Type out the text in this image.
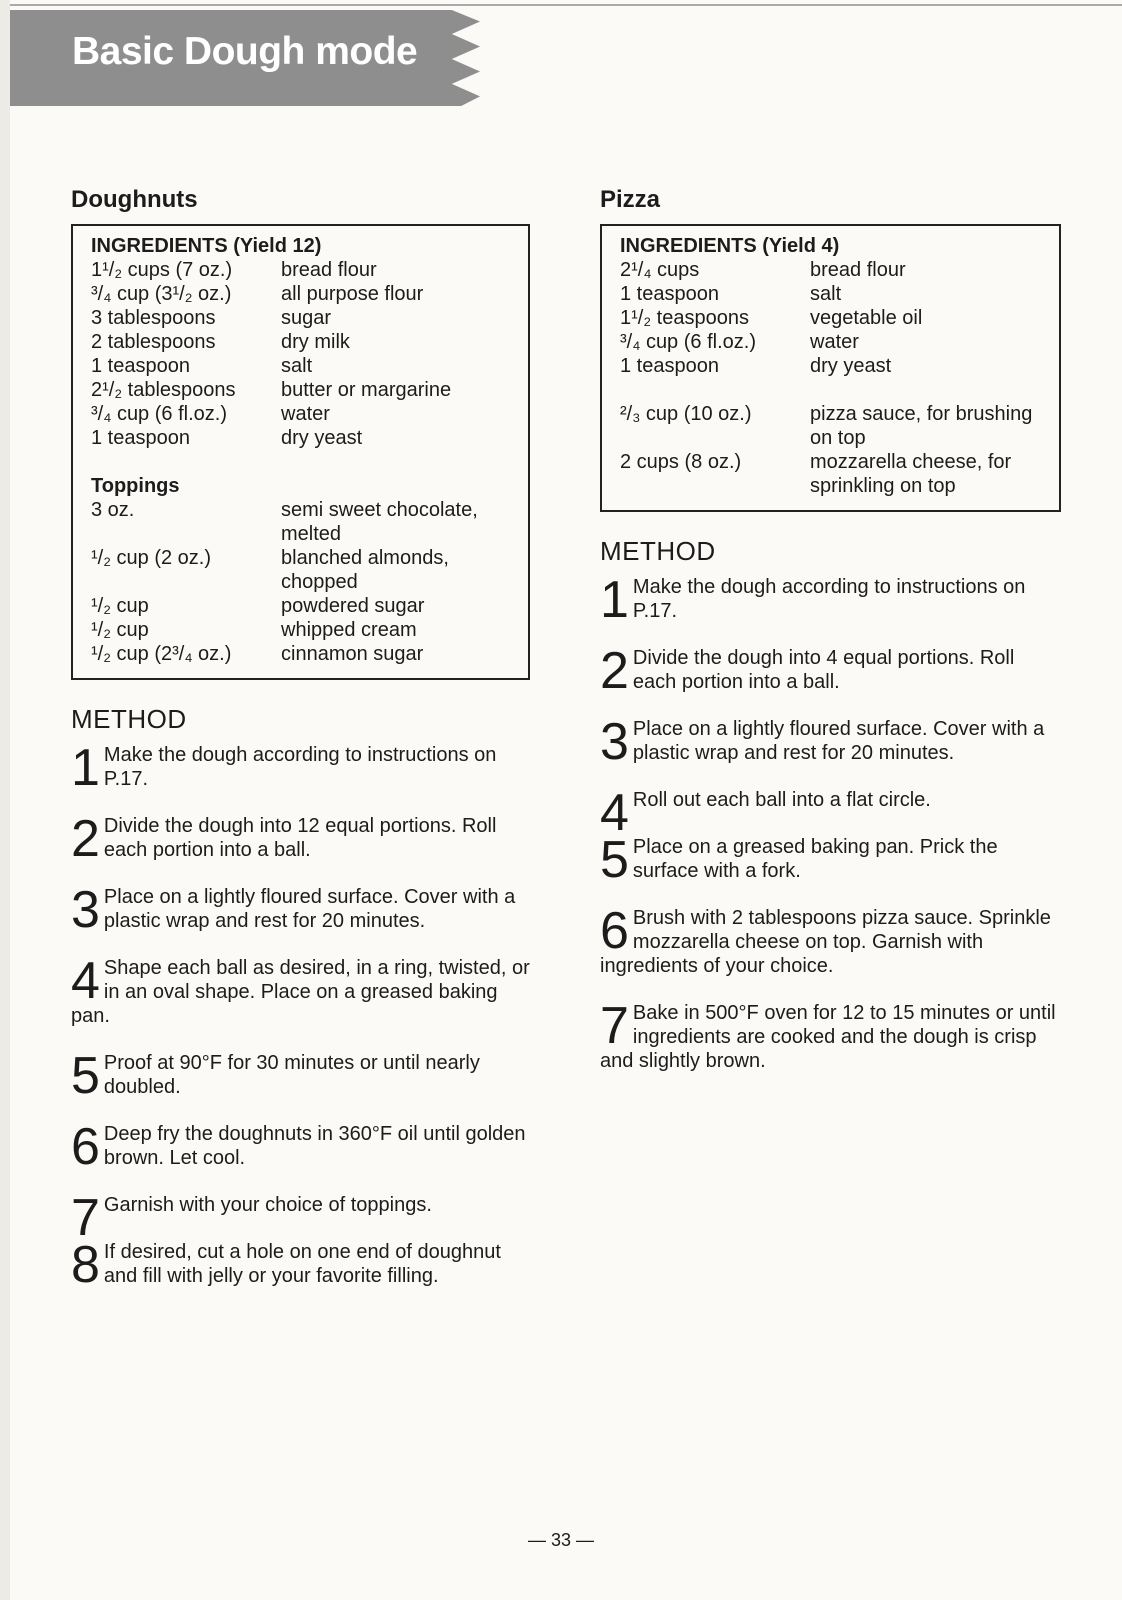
Basic Dough mode
Doughnuts
INGREDIENTS (Yield 12)
1¹/₂ cups (7 oz.)	bread flour
³/₄ cup (3¹/₂ oz.)	all purpose flour
3 tablespoons	sugar
2 tablespoons	dry milk
1 teaspoon	salt
2¹/₂ tablespoons	butter or margarine
³/₄ cup (6 fl.oz.)	water
1 teaspoon	dry yeast
Toppings
3 oz.	semi sweet chocolate, melted
¹/₂ cup (2 oz.)	blanched almonds, chopped
¹/₂ cup	powdered sugar
¹/₂ cup	whipped cream
¹/₂ cup (2³/₄ oz.)	cinnamon sugar
METHOD
1 Make the dough according to instructions on P.17.
2 Divide the dough into 12 equal portions. Roll each portion into a ball.
3 Place on a lightly floured surface. Cover with a plastic wrap and rest for 20 minutes.
4 Shape each ball as desired, in a ring, twisted, or in an oval shape. Place on a greased baking pan.
5 Proof at 90°F for 30 minutes or until nearly doubled.
6 Deep fry the doughnuts in 360°F oil until golden brown. Let cool.
7 Garnish with your choice of toppings.
8 If desired, cut a hole on one end of doughnut and fill with jelly or your favorite filling.
Pizza
INGREDIENTS (Yield 4)
2¹/₄ cups	bread flour
1 teaspoon	salt
1¹/₂ teaspoons	vegetable oil
³/₄ cup (6 fl.oz.)	water
1 teaspoon	dry yeast
²/₃ cup (10 oz.)	pizza sauce, for brushing on top
2 cups (8 oz.)	mozzarella cheese, for sprinkling on top
METHOD
1 Make the dough according to instructions on P.17.
2 Divide the dough into 4 equal portions. Roll each portion into a ball.
3 Place on a lightly floured surface. Cover with a plastic wrap and rest for 20 minutes.
4 Roll out each ball into a flat circle.
5 Place on a greased baking pan. Prick the surface with a fork.
6 Brush with 2 tablespoons pizza sauce. Sprinkle mozzarella cheese on top. Garnish with ingredients of your choice.
7 Bake in 500°F oven for 12 to 15 minutes or until ingredients are cooked and the dough is crisp and slightly brown.
— 33 —
